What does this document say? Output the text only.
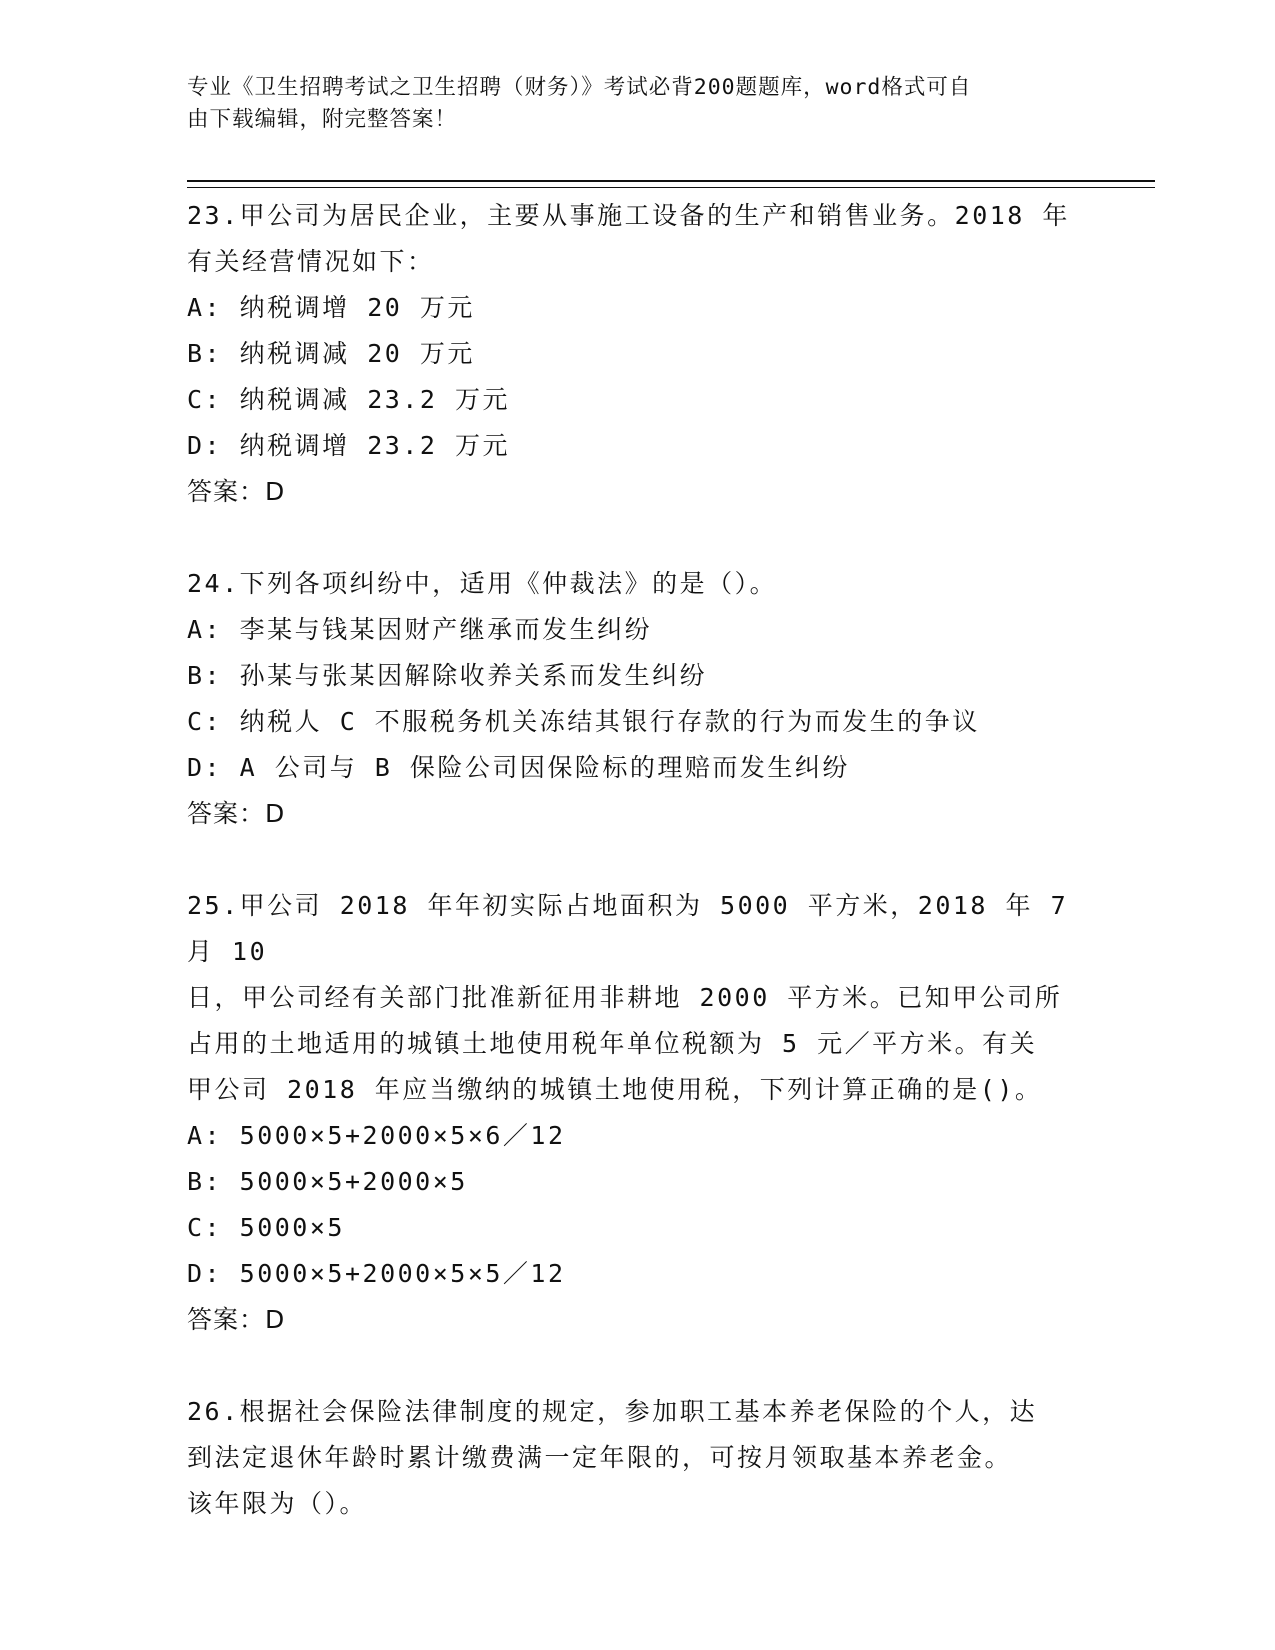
专业《卫生招聘考试之卫生招聘（财务）》考试必背200题题库，word格式可自
由下载编辑，附完整答案！
23.甲公司为居民企业，主要从事施工设备的生产和销售业务。2018 年
有关经营情况如下：
A: 纳税调增 20 万元
B: 纳税调减 20 万元
C: 纳税调减 23.2 万元
D: 纳税调增 23.2 万元
答案：D
24.下列各项纠纷中，适用《仲裁法》的是（）。
A: 李某与钱某因财产继承而发生纠纷
B: 孙某与张某因解除收养关系而发生纠纷
C: 纳税人 C 不服税务机关冻结其银行存款的行为而发生的争议
D: A 公司与 B 保险公司因保险标的理赔而发生纠纷
答案：D
25.甲公司 2018 年年初实际占地面积为 5000 平方米，2018 年 7 月 10
日，甲公司经有关部门批准新征用非耕地 2000 平方米。已知甲公司所
占用的土地适用的城镇土地使用税年单位税额为 5 元／平方米。有关
甲公司 2018 年应当缴纳的城镇土地使用税，下列计算正确的是()。
A: 5000×5+2000×5×6／12
B: 5000×5+2000×5
C: 5000×5
D: 5000×5+2000×5×5／12
答案：D
26.根据社会保险法律制度的规定，参加职工基本养老保险的个人，达
到法定退休年龄时累计缴费满一定年限的，可按月领取基本养老金。
该年限为（）。
